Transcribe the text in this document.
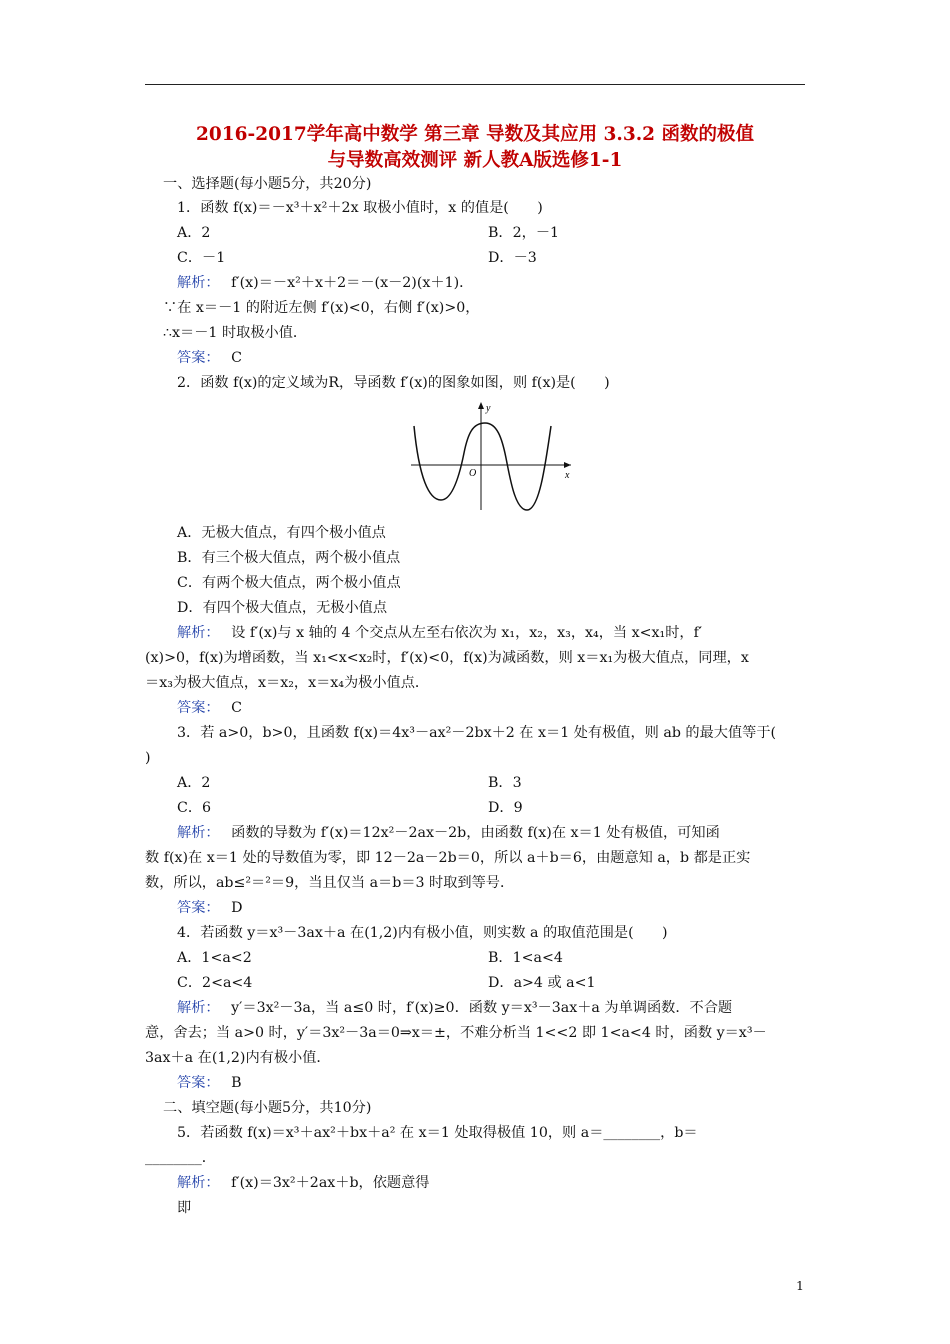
2016-2017学年高中数学 第三章 导数及其应用 3.3.2 函数的极值
与导数高效测评 新人教A版选修1-1
一、选择题(每小题5分，共20分)
1．函数 f(x)＝－x³＋x²＋2x 取极小值时，x 的值是(　　)
A．2	B．2，－1
C．－1	D．－3
解析：　 f′(x)＝－x²＋x＋2＝－(x－2)(x＋1)．
∵在 x＝－1 的附近左侧 f′(x)<0，右侧 f′(x)>0，
∴x＝－1 时取极小值．
答案：　 C
2．函数 f(x)的定义域为R，导函数 f′(x)的图象如图，则 f(x)是(　　)
y
x
O
A．无极大值点，有四个极小值点
B．有三个极大值点，两个极小值点
C．有两个极大值点，两个极小值点
D．有四个极大值点，无极小值点
解析：　 设 f′(x)与 x 轴的 4 个交点从左至右依次为 x₁，x₂，x₃，x₄，当 x<x₁时，f′
(x)>0，f(x)为增函数，当 x₁<x<x₂时，f′(x)<0，f(x)为减函数，则 x＝x₁为极大值点，同理，x
＝x₃为极大值点，x＝x₂，x＝x₄为极小值点．
答案：　 C
3．若 a>0，b>0，且函数 f(x)＝4x³－ax²－2bx＋2 在 x＝1 处有极值，则 ab 的最大值等于(
)
A．2	B．3
C．6	D．9
解析：　 函数的导数为 f′(x)＝12x²－2ax－2b，由函数 f(x)在 x＝1 处有极值，可知函
数 f(x)在 x＝1 处的导数值为零，即 12－2a－2b＝0，所以 a＋b＝6，由题意知 a，b 都是正实
数，所以，ab≤²＝²＝9，当且仅当 a＝b＝3 时取到等号．
答案：　 D
4．若函数 y＝x³－3ax＋a 在(1,2)内有极小值，则实数 a 的取值范围是(　　)
A．1<a<2	B．1<a<4
C．2<a<4	D．a>4 或 a<1
解析：　 y′＝3x²－3a，当 a≤0 时，f′(x)≥0．函数 y＝x³－3ax＋a 为单调函数．不合题
意，舍去；当 a>0 时，y′＝3x²－3a＝0⇒x＝±，不难分析当 1<<2 即 1<a<4 时，函数 y＝x³－
3ax＋a 在(1,2)内有极小值．
答案：　 B
二、填空题(每小题5分，共10分)
5．若函数 f(x)＝x³＋ax²＋bx＋a² 在 x＝1 处取得极值 10，则 a＝________，b＝
________．
解析：　 f′(x)＝3x²＋2ax＋b，依题意得
即
1
